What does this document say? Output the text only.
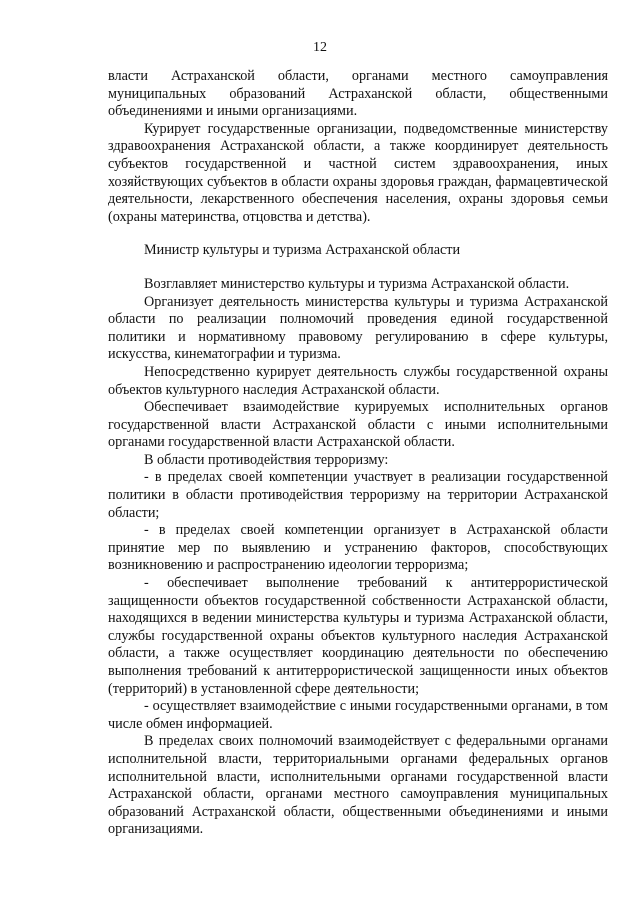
12

власти Астраханской области, органами местного самоуправления муниципальных образований Астраханской области, общественными объединениями и иными организациями.

Курирует государственные организации, подведомственные министерству здравоохранения Астраханской области, а также координирует деятельность субъектов государственной и частной систем здравоохранения, иных хозяйствующих субъектов в области охраны здоровья граждан, фармацевтической деятельности, лекарственного обеспечения населения, охраны здоровья семьи (охраны материнства, отцовства и детства).

Министр культуры и туризма Астраханской области

Возглавляет министерство культуры и туризма Астраханской области.

Организует деятельность министерства культуры и туризма Астраханской области по реализации полномочий проведения единой государственной политики и нормативному правовому регулированию в сфере культуры, искусства, кинематографии и туризма.

Непосредственно курирует деятельность службы государственной охраны объектов культурного наследия Астраханской области.

Обеспечивает взаимодействие курируемых исполнительных органов государственной власти Астраханской области с иными исполнительными органами государственной власти Астраханской области.

В области противодействия терроризму:

- в пределах своей компетенции участвует в реализации государственной политики в области противодействия терроризму на территории Астраханской области;

- в пределах своей компетенции организует в Астраханской области принятие мер по выявлению и устранению факторов, способствующих возникновению и распространению идеологии терроризма;

- обеспечивает выполнение требований к антитеррористической защищенности объектов государственной собственности Астраханской области, находящихся в ведении министерства культуры и туризма Астраханской области, службы государственной охраны объектов культурного наследия Астраханской области, а также осуществляет координацию деятельности по обеспечению выполнения требований к антитеррористической защищенности иных объектов (территорий) в установленной сфере деятельности;

- осуществляет взаимодействие с иными государственными органами, в том числе обмен информацией.

В пределах своих полномочий взаимодействует с федеральными органами исполнительной власти, территориальными органами федеральных органов исполнительной власти, исполнительными органами государственной власти Астраханской области, органами местного самоуправления муниципальных образований Астраханской области, общественными объединениями и иными организациями.
